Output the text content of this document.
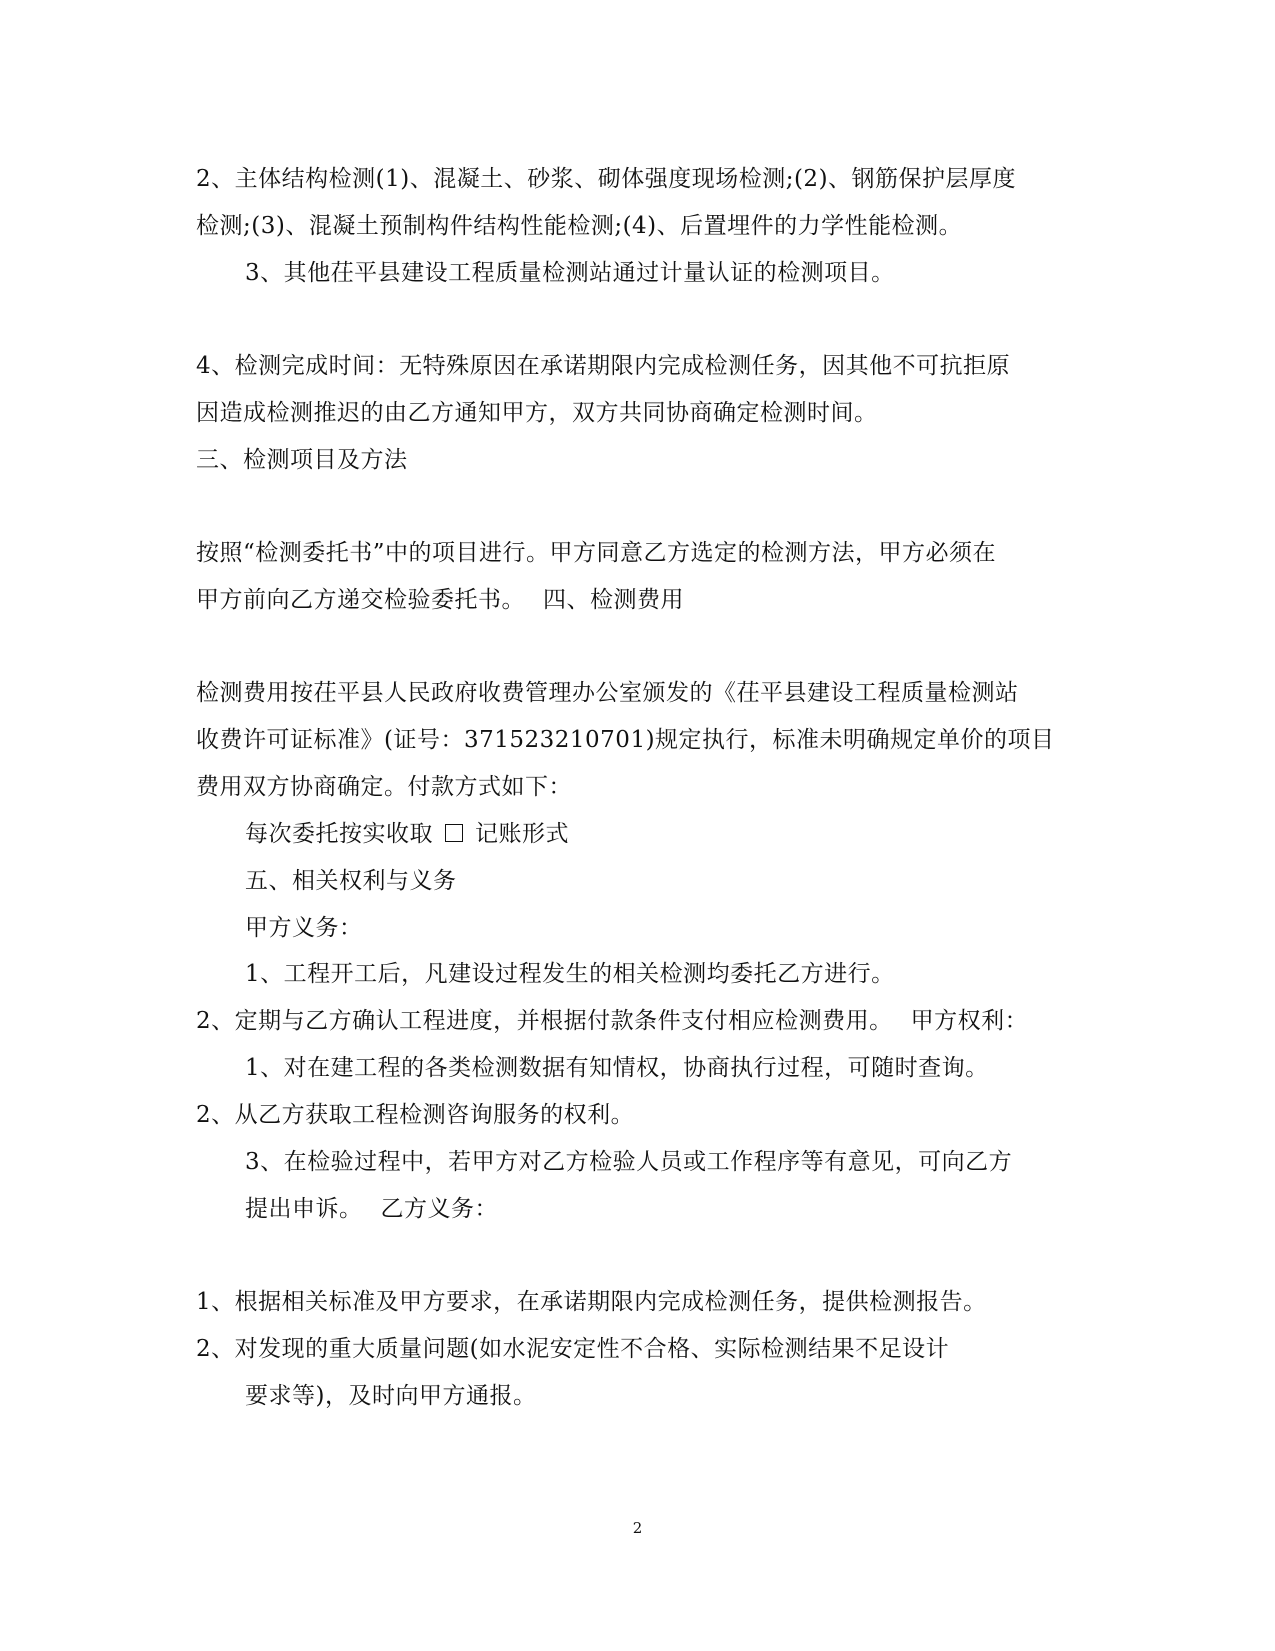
2、主体结构检测(1)、混凝土、砂浆、砌体强度现场检测;(2)、钢筋保护层厚度
检测;(3)、混凝土预制构件结构性能检测;(4)、后置埋件的力学性能检测。
3、其他茌平县建设工程质量检测站通过计量认证的检测项目。
4、检测完成时间：无特殊原因在承诺期限内完成检测任务，因其他不可抗拒原
因造成检测推迟的由乙方通知甲方，双方共同协商确定检测时间。
三、检测项目及方法
按照“检测委托书”中的项目进行。甲方同意乙方选定的检测方法，甲方必须在
甲方前向乙方递交检验委托书。 四、检测费用
检测费用按茌平县人民政府收费管理办公室颁发的《茌平县建设工程质量检测站
收费许可证标准》(证号：371523210701)规定执行，标准未明确规定单价的项目
费用双方协商确定。付款方式如下：
每次委托按实收取 记账形式
五、相关权利与义务
甲方义务：
1、工程开工后，凡建设过程发生的相关检测均委托乙方进行。
2、定期与乙方确认工程进度，并根据付款条件支付相应检测费用。 甲方权利：
1、对在建工程的各类检测数据有知情权，协商执行过程，可随时查询。
2、从乙方获取工程检测咨询服务的权利。
3、在检验过程中，若甲方对乙方检验人员或工作程序等有意见，可向乙方
提出申诉。 乙方义务：
1、根据相关标准及甲方要求，在承诺期限内完成检测任务，提供检测报告。
2、对发现的重大质量问题(如水泥安定性不合格、实际检测结果不足设计
要求等)，及时向甲方通报。
2
